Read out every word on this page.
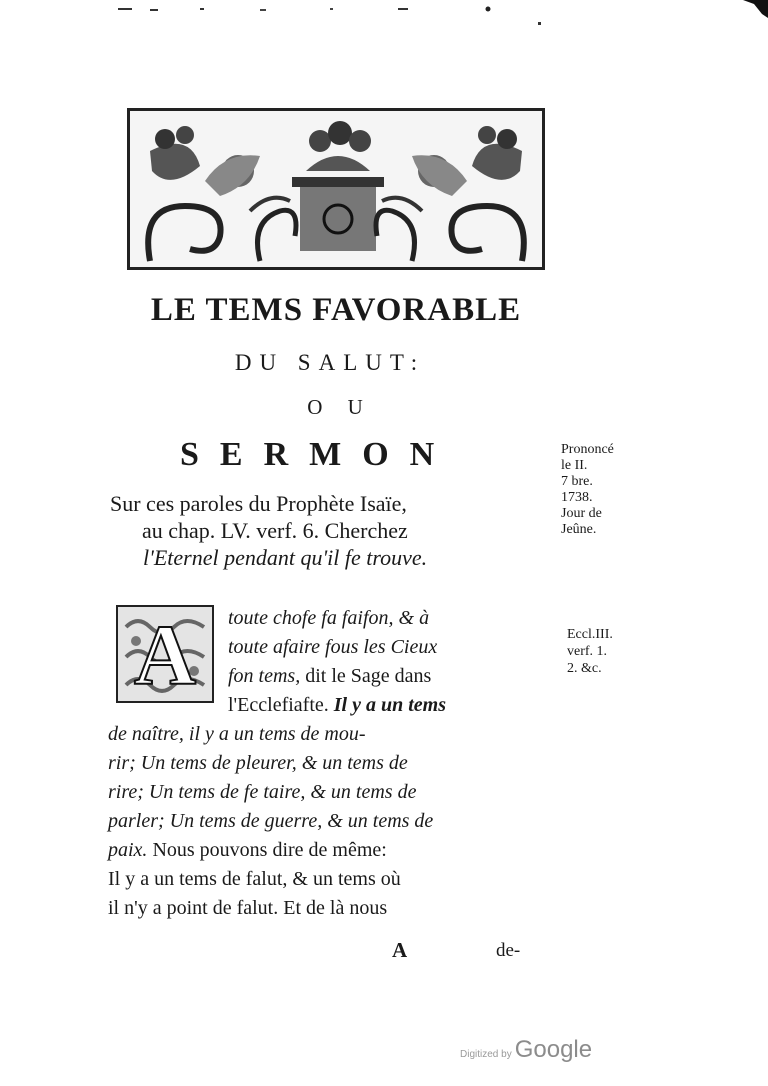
LE TEMS FAVORABLE
DU SALUT:
O U
SERMON
Sur ces paroles du Prophète Isaïe,
au chap. LV. verf. 6. Cherchez
l'Eternel pendant qu'il fe trouve.
Prononcé
le II.
7 bre.
1738.
Jour de
Jeûne.
Eccl.III.
verf. 1.
2. &c.
A	toute chofe fa faifon, & à
toute afaire fous les Cieux
fon tems, dit le Sage dans
l'Ecclefiafte. Il y a un tems
de naître, il y a un tems de mou-
rir; Un tems de pleurer, & un tems de
rire; Un tems de fe taire, & un tems de
parler; Un tems de guerre, & un tems de
paix. Nous pouvons dire de même:
Il y a un tems de falut, & un tems où
il n'y a point de falut. Et de là nous
A	de-
Digitized by Google
